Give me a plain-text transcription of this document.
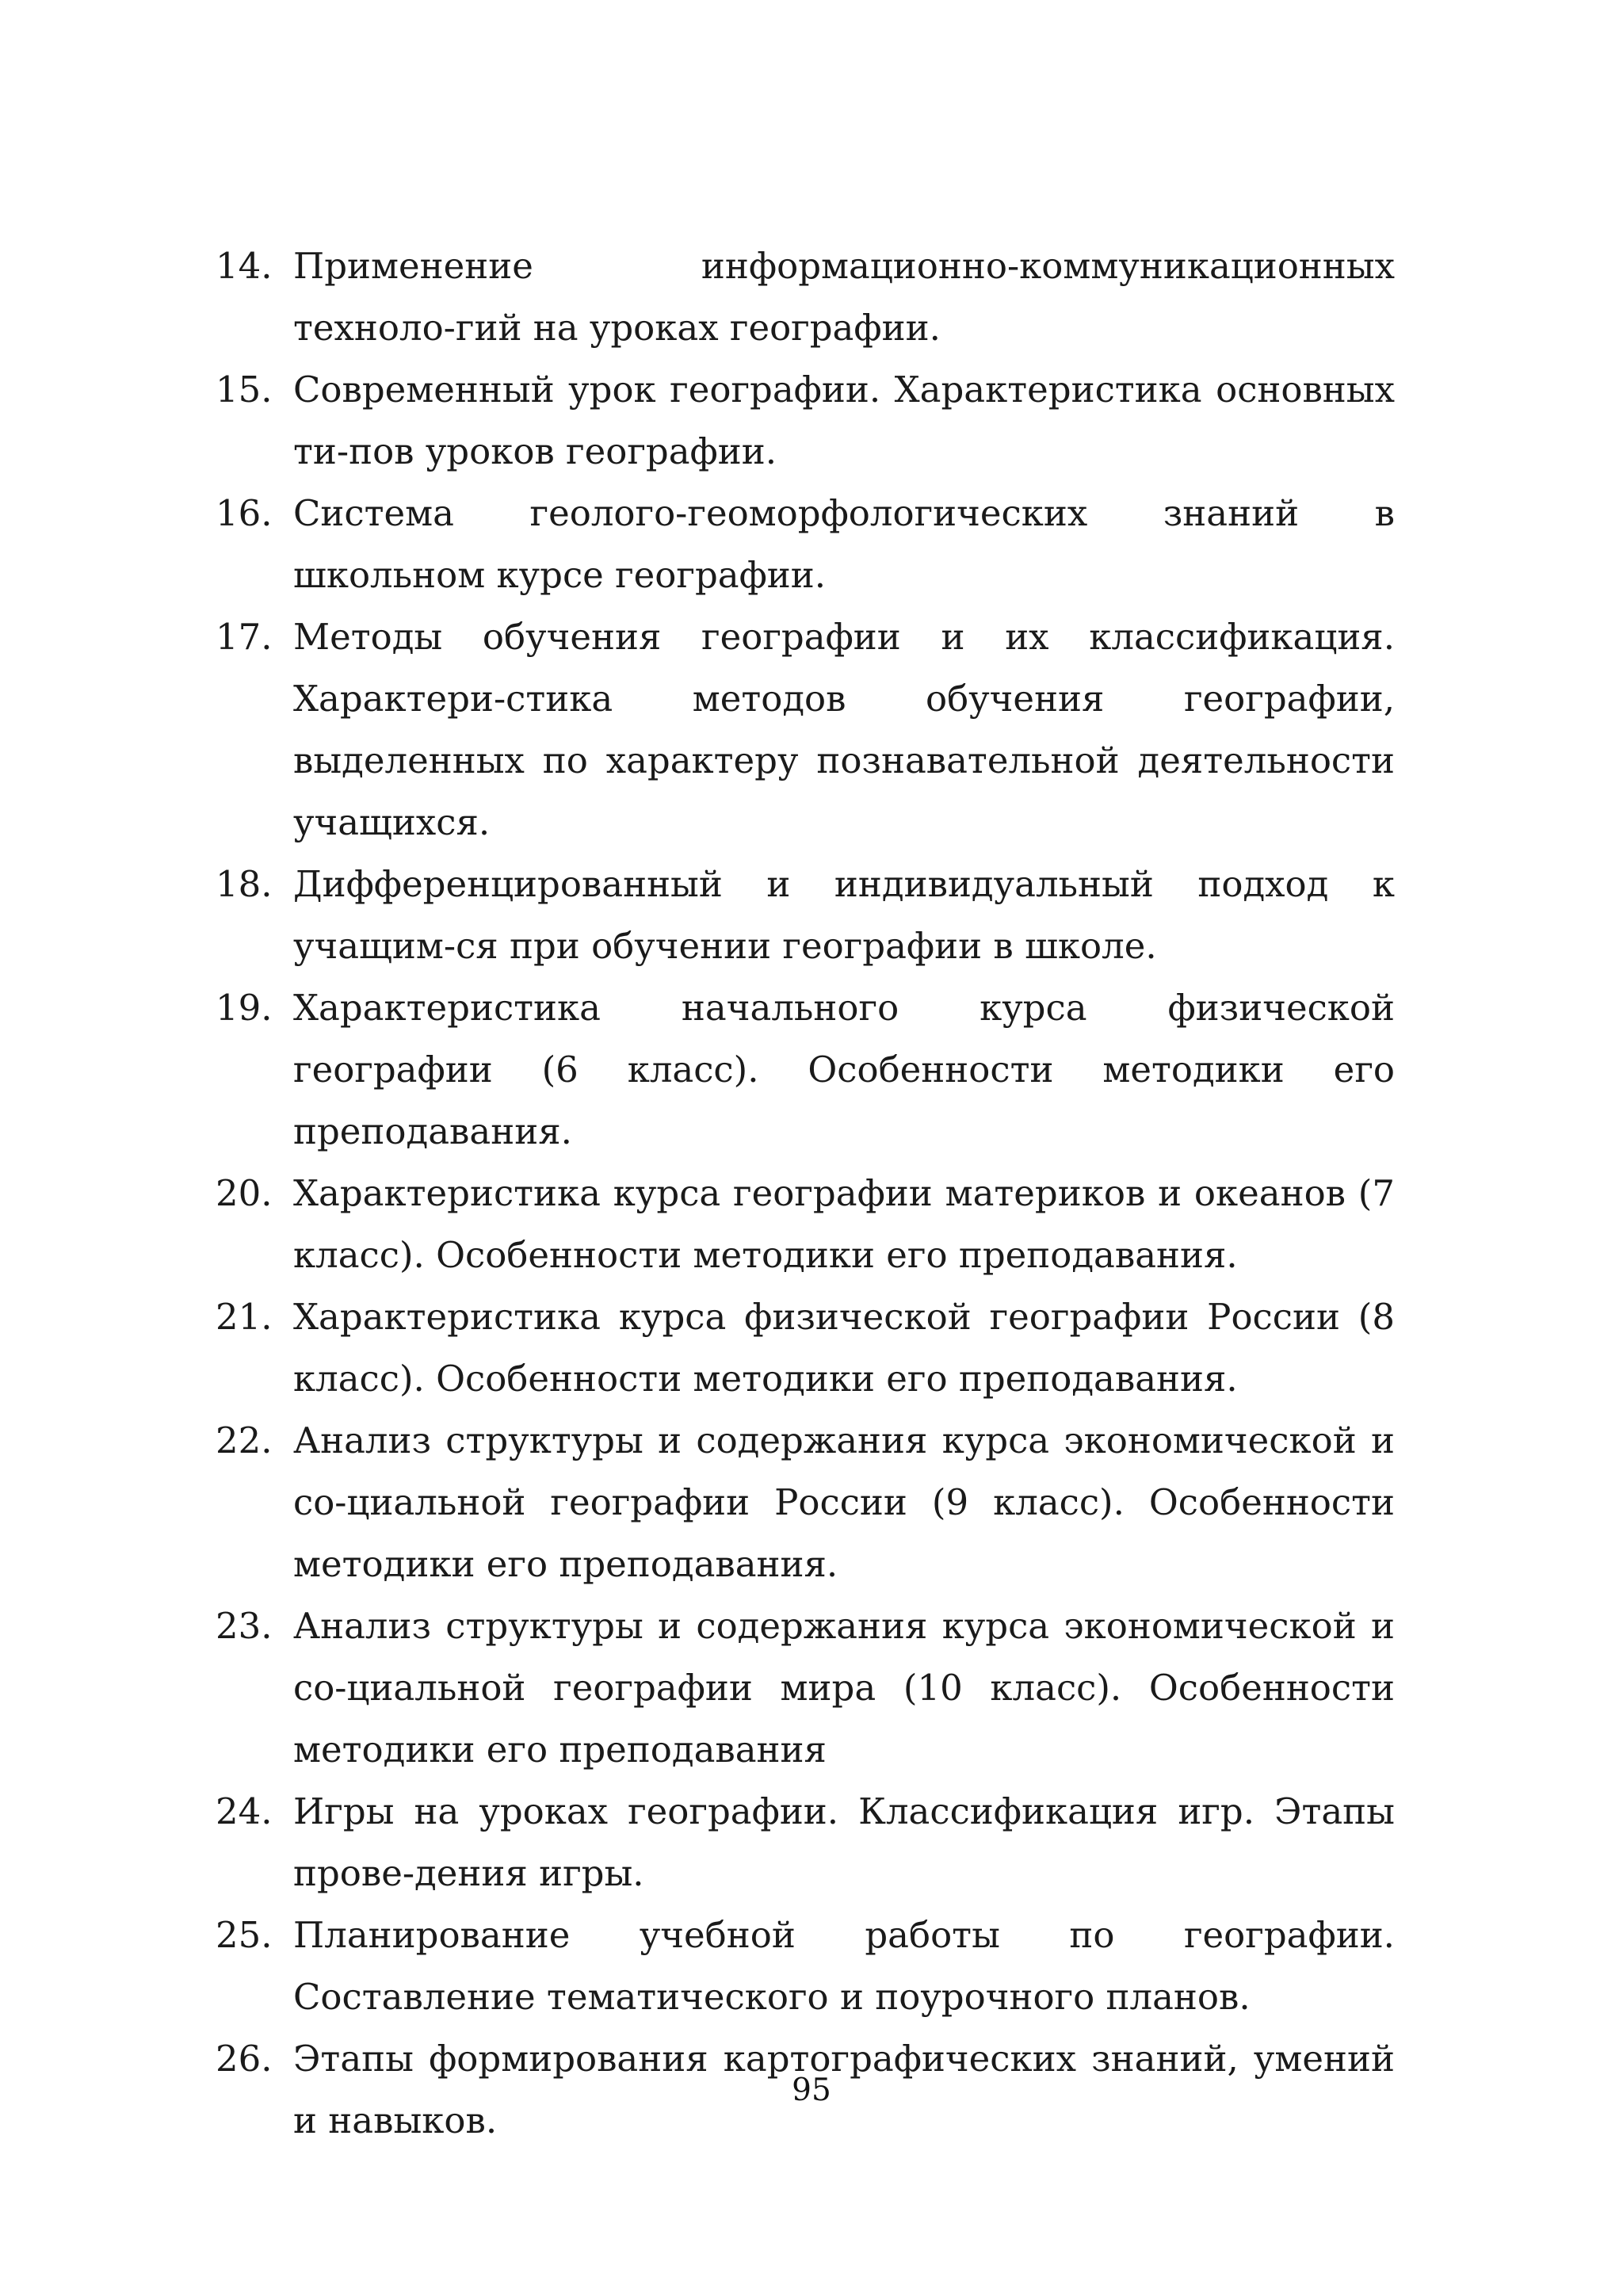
14. Применение информационно-коммуникационных техноло-гий на уроках географии.
15. Современный урок географии. Характеристика основных ти-пов уроков географии.
16. Система геолого-геоморфологических знаний в школьном курсе географии.
17. Методы обучения географии и их классификация. Характери-стика методов обучения географии, выделенных по характеру познавательной деятельности учащихся.
18. Дифференцированный и индивидуальный подход к учащим-ся при обучении географии в школе.
19. Характеристика начального курса физической географии (6 класс). Особенности методики его преподавания.
20. Характеристика курса географии материков и океанов (7 класс). Особенности методики его преподавания.
21. Характеристика курса физической географии России (8 класс). Особенности методики его преподавания.
22. Анализ структуры и содержания курса экономической и со-циальной географии России (9 класс). Особенности методики его преподавания.
23. Анализ структуры и содержания курса экономической и со-циальной географии мира (10 класс). Особенности методики его преподавания
24. Игры на уроках географии. Классификация игр. Этапы прове-дения игры.
25. Планирование учебной работы по географии. Составление тематического и поурочного планов.
26. Этапы формирования картографических знаний, умений и навыков.
95
